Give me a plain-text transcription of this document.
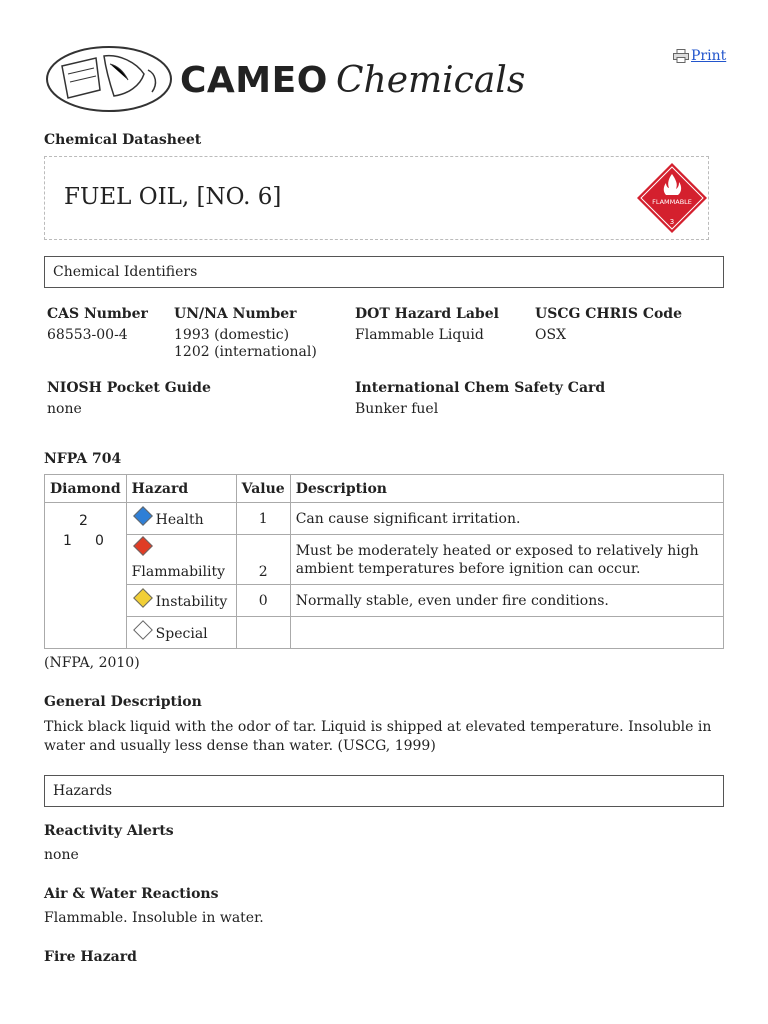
CAMEO Chemicals
Print
Chemical Datasheet
FUEL OIL, [NO. 6]	FLAMMABLE
3
Chemical Identifiers
CAS Number
68553-00-4
UN/NA Number
1993 (domestic)
1202 (international)
DOT Hazard Label
Flammable Liquid
USCG CHRIS Code
OSX
NIOSH Pocket Guide
none
International Chem Safety Card
Bunker fuel
NFPA 704
Diamond	Hazard	Value	Description

2
1 0	Health	1	Can cause significant irritation.

Flammability	2	Must be moderately heated or exposed to relatively high ambient temperatures before ignition can occur.
	Instability	0	Normally stable, even under fire conditions.
	Special		
(NFPA, 2010)
General Description
Thick black liquid with the odor of tar. Liquid is shipped at elevated temperature. Insoluble in water and usually less dense than water. (USCG, 1999)
Hazards
Reactivity Alerts
none
Air & Water Reactions
Flammable. Insoluble in water.
Fire Hazard
